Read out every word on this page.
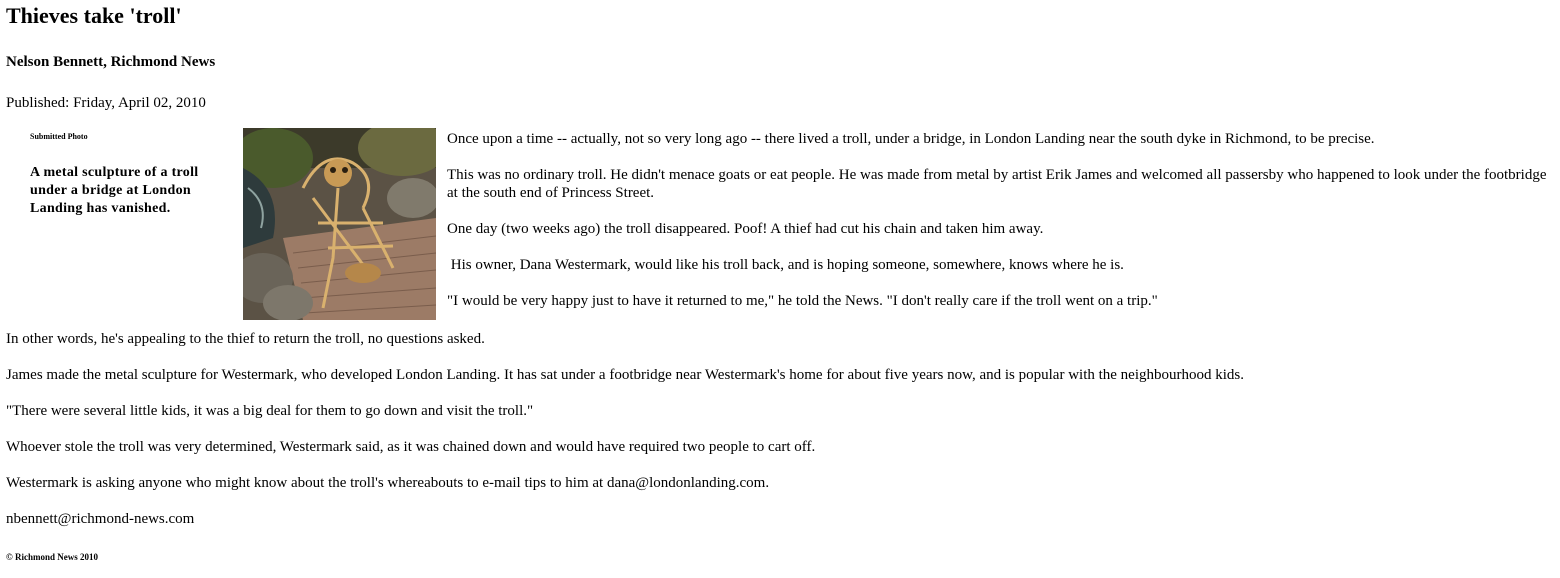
Thieves take 'troll'

Nelson Bennett, Richmond News

Published: Friday, April 02, 2010

Submitted Photo

A metal sculpture of a troll under a bridge at London Landing has vanished.

Once upon a time -- actually, not so very long ago -- there lived a troll, under a bridge, in London Landing near the south dyke in Richmond, to be precise.

This was no ordinary troll. He didn't menace goats or eat people. He was made from metal by artist Erik James and welcomed all passersby who happened to look under the footbridge at the south end of Princess Street.

One day (two weeks ago) the troll disappeared. Poof! A thief had cut his chain and taken him away.

His owner, Dana Westermark, would like his troll back, and is hoping someone, somewhere, knows where he is.

"I would be very happy just to have it returned to me," he told the News. "I don't really care if the troll went on a trip."

In other words, he's appealing to the thief to return the troll, no questions asked.

James made the metal sculpture for Westermark, who developed London Landing. It has sat under a footbridge near Westermark's home for about five years now, and is popular with the neighbourhood kids.

"There were several little kids, it was a big deal for them to go down and visit the troll."

Whoever stole the troll was very determined, Westermark said, as it was chained down and would have required two people to cart off.

Westermark is asking anyone who might know about the troll's whereabouts to e-mail tips to him at dana@londonlanding.com.

nbennett@richmond-news.com

© Richmond News 2010
